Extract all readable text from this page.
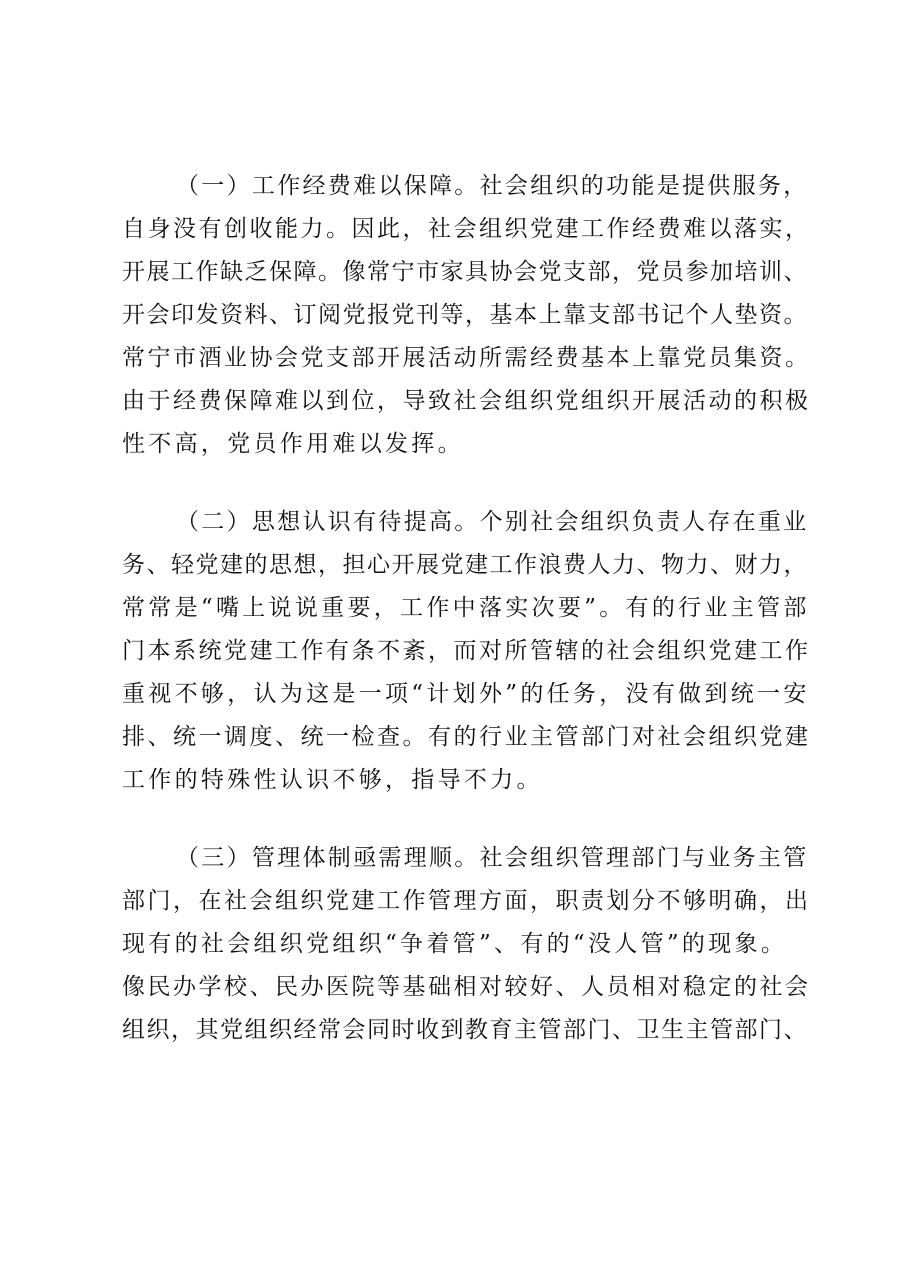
（一）工作经费难以保障。社会组织的功能是提供服务，
自身没有创收能力。因此，社会组织党建工作经费难以落实，
开展工作缺乏保障。像常宁市家具协会党支部，党员参加培训、
开会印发资料、订阅党报党刊等，基本上靠支部书记个人垫资。
常宁市酒业协会党支部开展活动所需经费基本上靠党员集资。
由于经费保障难以到位，导致社会组织党组织开展活动的积极
性不高，党员作用难以发挥。
（二）思想认识有待提高。个别社会组织负责人存在重业
务、轻党建的思想，担心开展党建工作浪费人力、物力、财力，
常常是“嘴上说说重要，工作中落实次要”。有的行业主管部
门本系统党建工作有条不紊，而对所管辖的社会组织党建工作
重视不够，认为这是一项“计划外”的任务，没有做到统一安
排、统一调度、统一检查。有的行业主管部门对社会组织党建
工作的特殊性认识不够，指导不力。
（三）管理体制亟需理顺。社会组织管理部门与业务主管
部门，在社会组织党建工作管理方面，职责划分不够明确，出
现有的社会组织党组织“争着管”、有的“没人管”的现象。
像民办学校、民办医院等基础相对较好、人员相对稳定的社会
组织，其党组织经常会同时收到教育主管部门、卫生主管部门、
